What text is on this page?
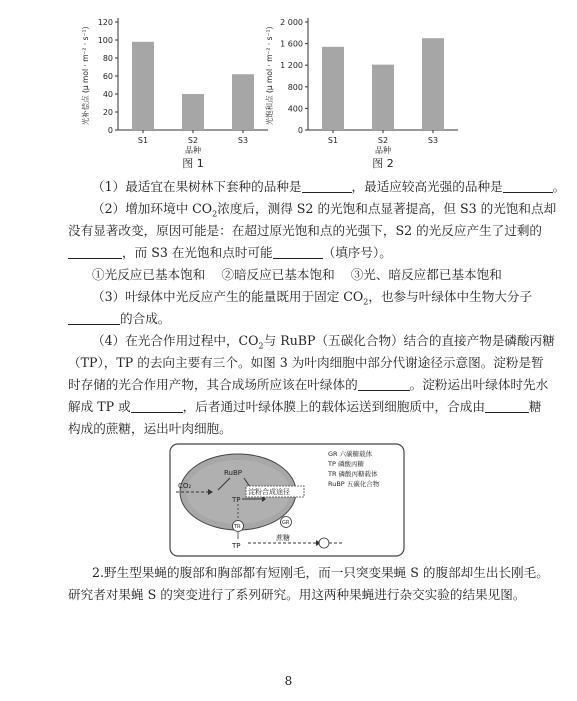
0
20
40
60
80
100
120
S1	S2	S3
品种
图 1
光补偿点 (μ mol · m⁻² · s⁻¹)
0
400
800
1 200
1 600
2 000
S1	S2	S3
品种
图 2
光饱和点 (μ mol · m⁻² · s⁻¹)
（1）最适宜在果树林下套种的品种是	，最适应较高光强的品种是	。
（2）增加环境中 $CO_2$浓度后，测得 S2 的光饱和点显著提高，但 S3 的光饱和点却
没有显著改变，原因可能是：在超过原光饱和点的光强下，S2 的光反应产生了过剩的
，而 S3 在光饱和点时可能	（填序号）。
①光反应已基本饱和    ②暗反应已基本饱和    ③光、暗反应都已基本饱和
（3）叶绿体中光反应产生的能量既用于固定 $CO_2$，也参与叶绿体中生物大分子
的合成。
（4）在光合作用过程中，$CO_2$与 RuBP（五碳化合物）结合的直接产物是磷酸丙糖
（TP），TP 的去向主要有三个。如图 3 为叶肉细胞中部分代谢途径示意图。淀粉是暂
时存储的光合作用产物，其合成场所应该在叶绿体的	。淀粉运出叶绿体时先水
解成 TP 或	，后者通过叶绿体膜上的载体运送到细胞质中，合成由	糖
构成的蔗糖，运出叶肉细胞。
CO₂
RuBP
TP
淀粉合成途径
TR
GR
TP
蔗糖
GR 六碳糖载体
TP 磷酸丙糖
TR 磷酸丙糖载体
RuBP 五碳化合物
2.野生型果蝇的腹部和胸部都有短刚毛，而一只突变果蝇 S 的腹部却生出长刚毛。
研究者对果蝇 S 的突变进行了系列研究。用这两种果蝇进行杂交实验的结果见图。
8
